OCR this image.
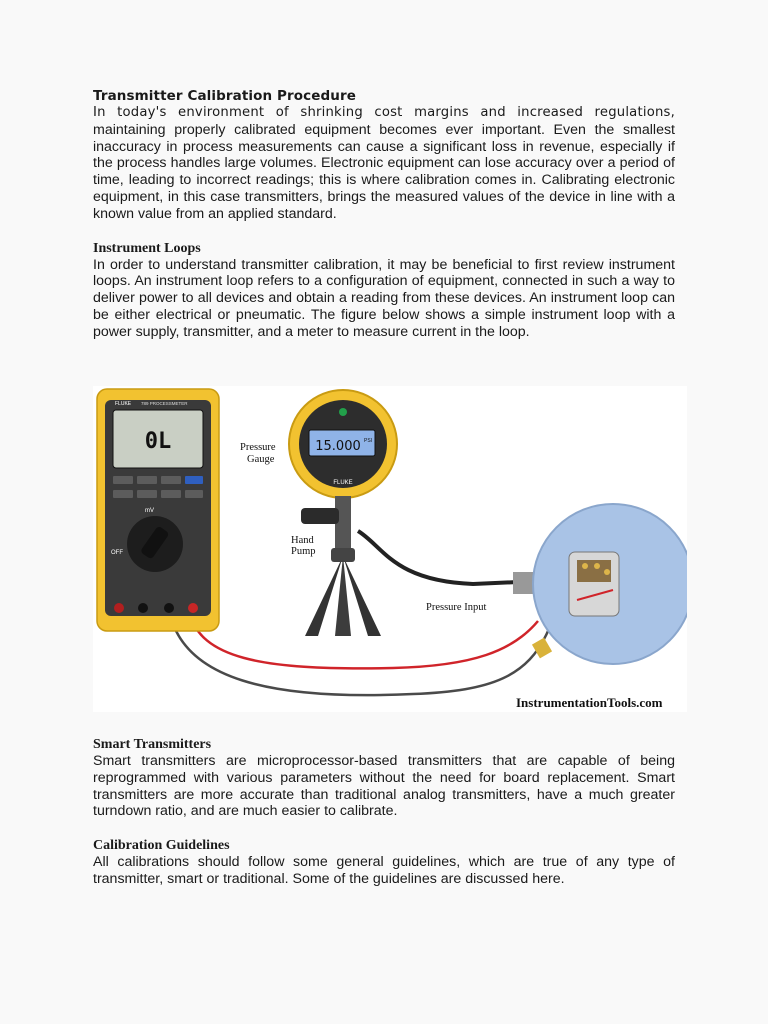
Transmitter Calibration Procedure

In today's environment of shrinking cost margins and increased regulations,
maintaining properly calibrated equipment becomes ever important. Even the smallest inaccuracy in process measurements can cause a significant loss in revenue, especially if the process handles large volumes. Electronic equipment can lose accuracy over a period of time, leading to incorrect readings; this is where calibration comes in. Calibrating electronic equipment, in this case transmitters, brings the measured values of the device in line with a known value from an applied standard.

Instrument Loops

In order to understand transmitter calibration, it may be beneficial to first review instrument loops. An instrument loop refers to a configuration of equipment, connected in such a way to deliver power to all devices and obtain a reading from these devices. An instrument loop can be either electrical or pneumatic. The figure below shows a simple instrument loop with a power supply, transmitter, and a meter to measure current in the loop.

0L
FLUKE 789 PROCESSMETER
OFF
mV
15.000 PSI
FLUKE
Pressure
Gauge
Hand
Pump
Pressure Input
InstrumentationTools.com
Smart Transmitters

Smart transmitters are microprocessor-based transmitters that are capable of being reprogrammed with various parameters without the need for board replacement. Smart transmitters are more accurate than traditional analog transmitters, have a much greater turndown ratio, and are much easier to calibrate.

Calibration Guidelines

All calibrations should follow some general guidelines, which are true of any type of transmitter, smart or traditional. Some of the guidelines are discussed here.
